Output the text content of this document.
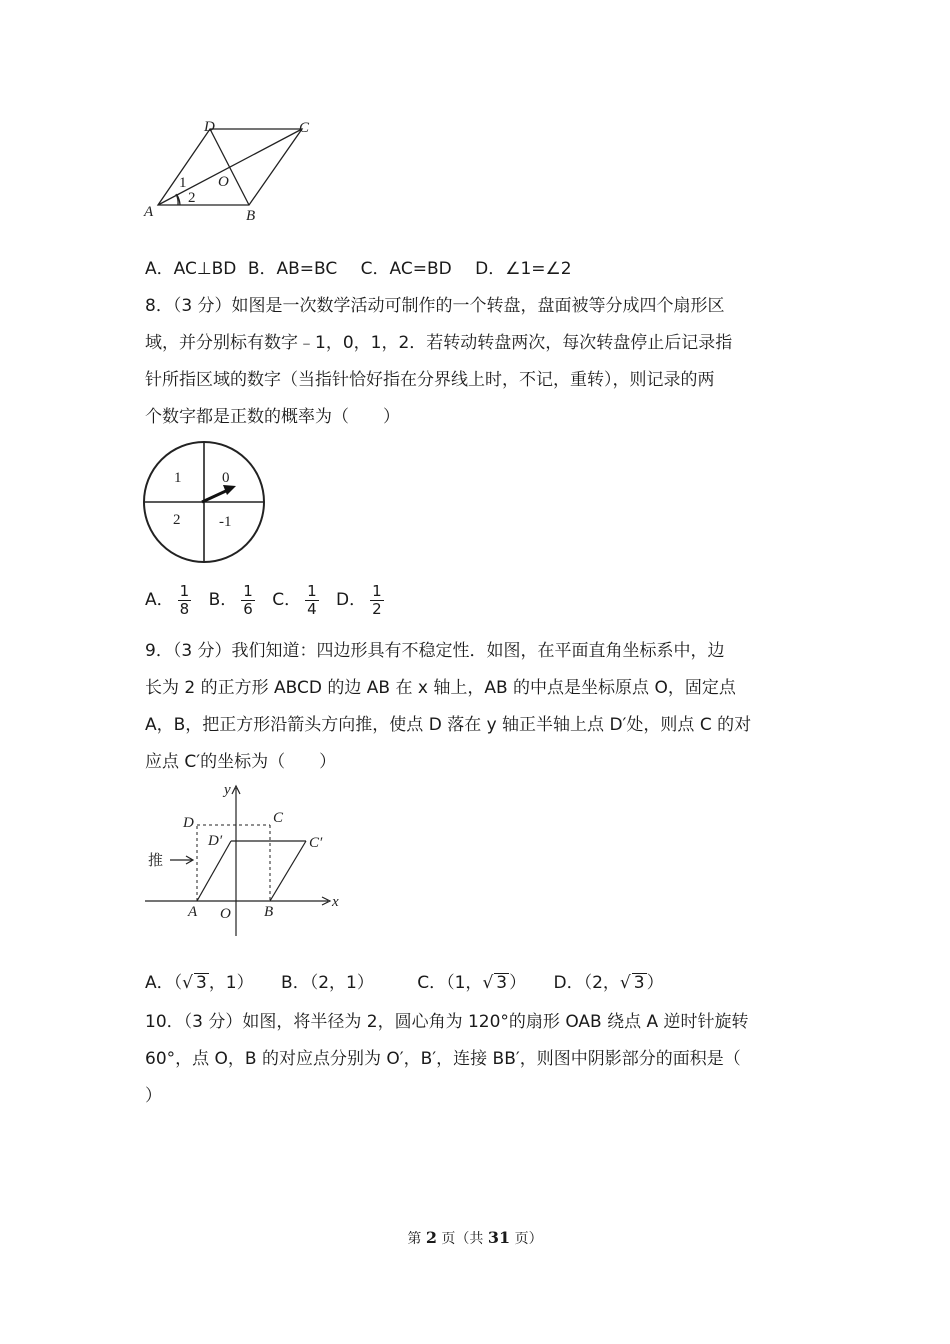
A	B
C
D
O
1
2
A．AC⊥BD B．AB=BC C．AC=BD D．∠1=∠2
8．（3 分）如图是一次数学活动可制作的一个转盘，盘面被等分成四个扇形区
域，并分别标有数字﹣1，0，1，2．若转动转盘两次，每次转盘停止后记录指
针所指区域的数字（当指针恰好指在分界线上时，不记，重转），则记录的两
个数字都是正数的概率为（　　）
1	0
2	-1
A． $\frac{1}{8}$ B． $\frac{1}{6}$ C． $\frac{1}{4}$ D． $\frac{1}{2}$
9．（3 分）我们知道：四边形具有不稳定性．如图，在平面直角坐标系中，边
长为 2 的正方形 ABCD 的边 AB 在 x 轴上，AB 的中点是坐标原点 O，固定点
A，B，把正方形沿箭头方向推，使点 D 落在 y 轴正半轴上点 D′处，则点 C 的对
应点 C′的坐标为（　　）
推
y
x
D	C
D′	C′
A O B
A．（√ 3 ，1） B．（2，1）	C．（1，√ 3 ） D．（2，√ 3 ）
10．（3 分）如图，将半径为 2，圆心角为 120°的扇形 OAB 绕点 A 逆时针旋转
60°，点 O，B 的对应点分别为 O′，B′，连接 BB′，则图中阴影部分的面积是（
）
第 2 页（共 31 页）
